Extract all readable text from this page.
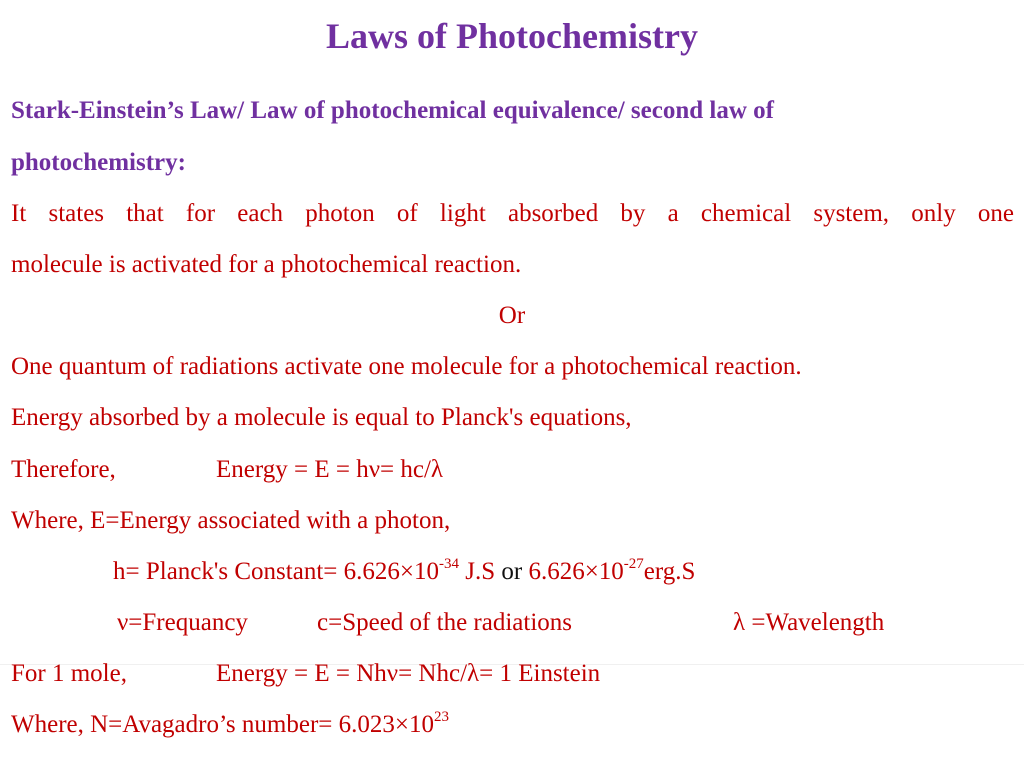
Laws of Photochemistry
Stark-Einstein’s Law/ Law of photochemical equivalence/ second law of
photochemistry:
It states that for each photon of light absorbed by a chemical system, only one
molecule is activated for a photochemical reaction.
Or
One quantum of radiations activate one molecule for a photochemical reaction.
Energy absorbed by a molecule is equal to Planck's equations,
Therefore,	Energy = E = hν= hc/λ
Where, E=Energy associated with a photon,
h= Planck's Constant= $6.626\times 10^{-34}$ J.S or $6.626\times 10^{-27}erg.S$
ν=Frequancy	c=Speed of the radiations	λ =Wavelength
For 1 mole,	Energy = E = Nhν= Nhc/λ= 1 Einstein
Where, N=Avagadro’s number= $6.023\times 10^{23}$
